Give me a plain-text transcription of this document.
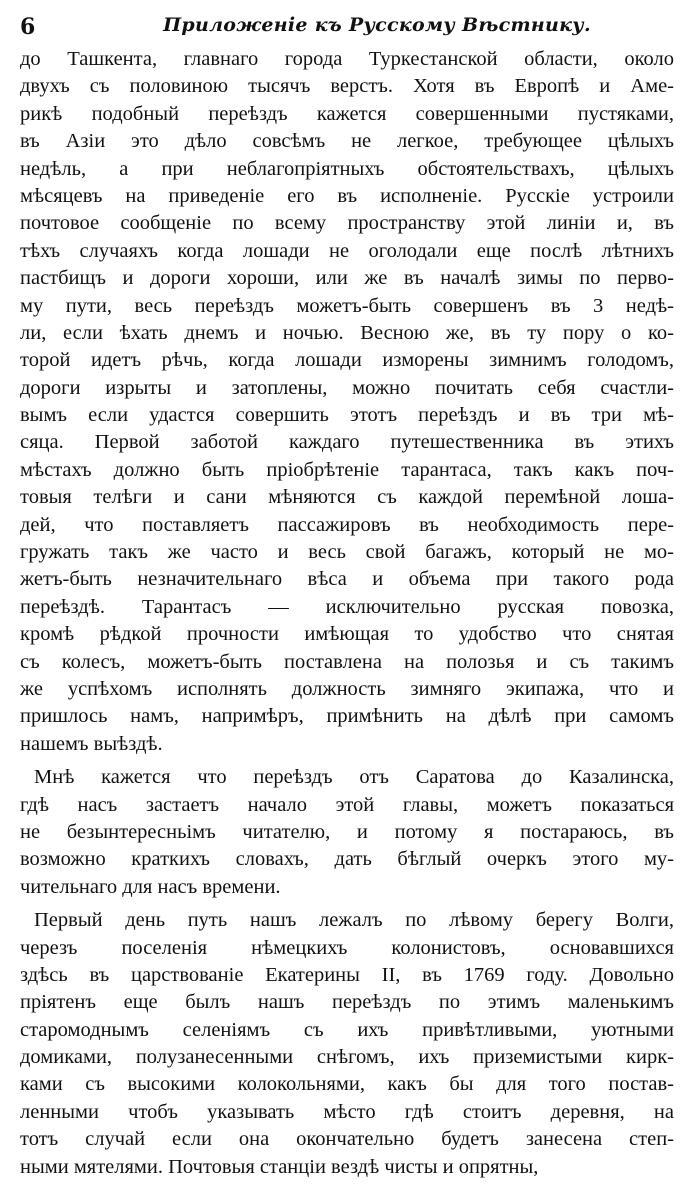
6	Приложеніе къ Русскому Вѣстнику.
до Ташкента, главнаго города Туркестанской области, около
двухъ съ половиною тысячъ верстъ. Хотя въ Европѣ и Аме-
рикѣ подобный переѣздъ кажется совершенными пустяками,
въ Азіи это дѣло совсѣмъ не легкое, требующее цѣлыхъ
недѣль, а при неблагопріятныхъ обстоятельствахъ, цѣлыхъ
мѣсяцевъ на приведеніе его въ исполненіе. Русскіе устроили
почтовое сообщеніе по всему пространству этой линіи и, въ
тѣхъ случаяхъ когда лошади не оголодали еще послѣ лѣтнихъ
пастбищъ и дороги хороши, или же въ началѣ зимы по перво-
му пути, весь переѣздъ можетъ-быть совершенъ въ 3 недѣ-
ли, если ѣхать днемъ и ночью. Весною же, въ ту пору о ко-
торой идетъ рѣчь, когда лошади изморены зимнимъ голодомъ,
дороги изрыты и затоплены, можно почитать себя счастли-
вымъ если удастся совершить этотъ переѣздъ и въ три мѣ-
сяца. Первой заботой каждаго путешественника въ этихъ
мѣстахъ должно быть пріобрѣтеніе тарантаса, такъ какъ поч-
товыя телѣги и сани мѣняются съ каждой перемѣной лошa-
дей, что поставляетъ пассажировъ въ необходимость пере-
гружать такъ же часто и весь свой багажъ, который не мо-
жетъ-быть незначительнаго вѣса и объема при такого рода
переѣздѣ. Тарантасъ — исключительно русская повозка,
кромѣ рѣдкой прочности имѣющая то удобство что снятая
съ колесъ, можетъ-быть поставлена на полозья и съ такимъ
же успѣхомъ исполнять должность зимняго экипажа, что и
пришлось намъ, напримѣръ, примѣнить на дѣлѣ при самомъ
нашемъ выѣздѣ.
Мнѣ кажется что переѣздъ отъ Саратова до Казалинска,
гдѣ насъ застаетъ начало этой главы, можетъ показаться
не безынтересньімъ читателю, и потому я постараюсь, въ
возможно краткихъ словахъ, дать бѣглый очеркъ этого му-
чительнаго для насъ времени.
Первый день путь нашъ лежалъ по лѣвому берегу Волги,
черезъ поселенія нѣмецкихъ колонистовъ, основавшихся
здѣсь въ царствованіе Екатерины II, въ 1769 году. Довольно
пріятенъ еще былъ нашъ переѣздъ по этимъ маленькимъ
старомоднымъ селеніямъ съ ихъ привѣтливыми, уютными
домиками, полузанесенными снѣгомъ, ихъ приземистыми кирк-
ками съ высокими колокольнями, какъ бы для того постав-
ленными чтобъ указывать мѣсто гдѣ стоитъ деревня, на
тотъ случай если она окончательно будетъ занесена степ-
ными мятелями. Почтовыя станціи вездѣ чисты и опрятны,
